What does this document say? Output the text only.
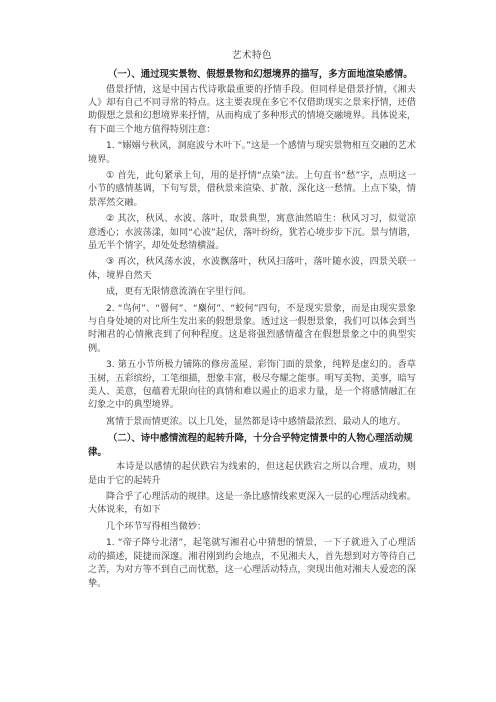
艺术特色
（一）、通过现实景物、假想景物和幻想境界的描写，多方面地渲染感情。

借景抒情，这是中国古代诗歌最重要的抒情手段。但同样是借景抒情，《湘夫人》却有自己不同寻常的特点。这主要表现在多它不仅借助现实之景来抒情，还借助假想之景和幻想境界来抒情，从而构成了多种形式的情境交融境界。具体说来，有下面三个地方值得特别注意：

1. “嫋嫋兮秋风，洞庭波兮木叶下。”这是一个感情与现实景物相互交融的艺术境界。

① 首先，此句紧承上句，用的是抒情“点染”法。上句直书“愁”字，点明这一小节的感情基调，下句写景，借秋景来渲染、扩散、深化这一愁情。上点下染，情景浑然交融。

② 其次，秋风、水波、落叶，取景典型，寓意油然暗生：秋风习习，似觉凉意透心；水波荡漾，如同“心波”起伏，落叶纷纷，犹若心境步步下沉。景与情谐，虽无半个情字，却处处愁情横溢。

③ 再次，秋风荡水波，水波飘落叶，秋风扫落叶，落叶随水波，四景关联一体，境界自然天

成，更有无限情意流淌在字里行间。

2. “鸟何”、“罾何”、“麋何”、“蛟何”四句，不是现实景象，而是由现实景象与自身处境的对比所生发出来的假想景象。透过这一假想景象，我们可以体会到当时湘君的心情揪丧到了何种程度。这是将强烈感情蕴含在假想景象之中的典型实例。

3. 第五小节所极力铺陈的修房盖屋、彩饰门面的景象，纯粹是虚幻的。香草玉树，五彩缤纷，工笔细描，想象丰富，极尽夸耀之能事。明写美物、美事，暗写美人、美意，包蕴着无限向往的真情和难以遏止的追求力量，是一个将感情融汇在幻象之中的典型境界。

寓情于景而情更浓。以上几处，显然都是诗中感情最浓烈、最动人的地方。

（二）、诗中感情流程的起转升降，十分合乎特定情景中的人物心理活动规律。

本诗是以感情的起伏跌宕为线索的，但这起伏跌宕之所以合理、成功，则是由于它的起转升

降合乎了心理活动的规律。这是一条比感情线索更深入一层的心理活动线索。大体说来，有如下

几个环节写得相当微妙：

1. “帝子降兮北渚”，起笔就写湘君心中猜想的情景，一下子就进入了心理活动的描述，陡捷而深邃。湘君刚到约会地点，不见湘夫人，首先想到对方等待自己之苦，为对方等不到自己而忧愁，这一心理活动特点，突现出他对湘夫人爱恋的深挚。
